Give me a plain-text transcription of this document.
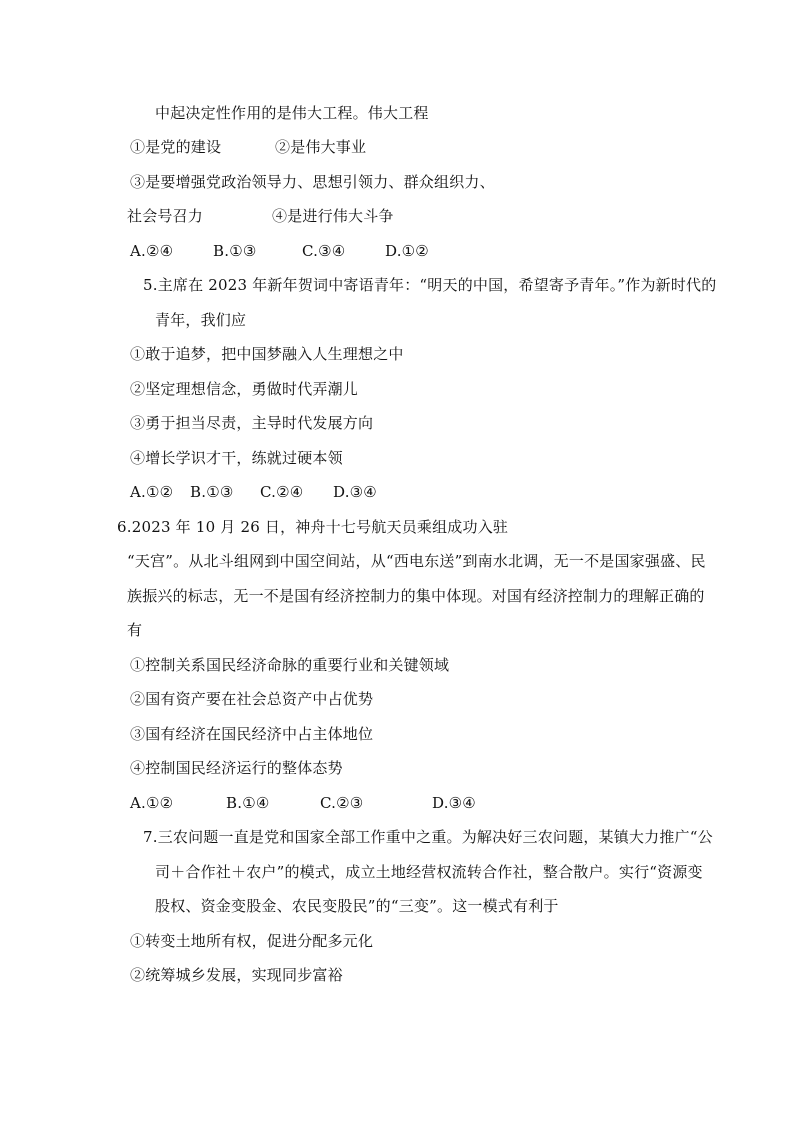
中起决定性作用的是伟大工程。伟大工程
①是党的建设	②是伟大事业
③是要增强党政治领导力、思想引领力、群众组织力、
社会号召力	④是进行伟大斗争
A.②④	B.①③	C.③④	D.①②
5.主席在 2023 年新年贺词中寄语青年：“明天的中国，希望寄予青年。”作为新时代的
青年，我们应
①敢于追梦，把中国梦融入人生理想之中
②坚定理想信念，勇做时代弄潮儿
③勇于担当尽责，主导时代发展方向
④增长学识才干，练就过硬本领
A.①② B.①③ C.②④ D.③④
6.2023 年 10 月 26 日，神舟十七号航天员乘组成功入驻
“天宫”。从北斗组网到中国空间站，从“西电东送”到南水北调，无一不是国家强盛、民
族振兴的标志，无一不是国有经济控制力的集中体现。对国有经济控制力的理解正确的
有
①控制关系国民经济命脉的重要行业和关键领域
②国有资产要在社会总资产中占优势
③国有经济在国民经济中占主体地位
④控制国民经济运行的整体态势
A.①②	B.①④	C.②③	D.③④
7.三农问题一直是党和国家全部工作重中之重。为解决好三农问题，某镇大力推广“公
司＋合作社＋农户”的模式，成立土地经营权流转合作社，整合散户。实行“资源变
股权、资金变股金、农民变股民”的“三变”。这一模式有利于
①转变土地所有权，促进分配多元化
②统筹城乡发展，实现同步富裕
